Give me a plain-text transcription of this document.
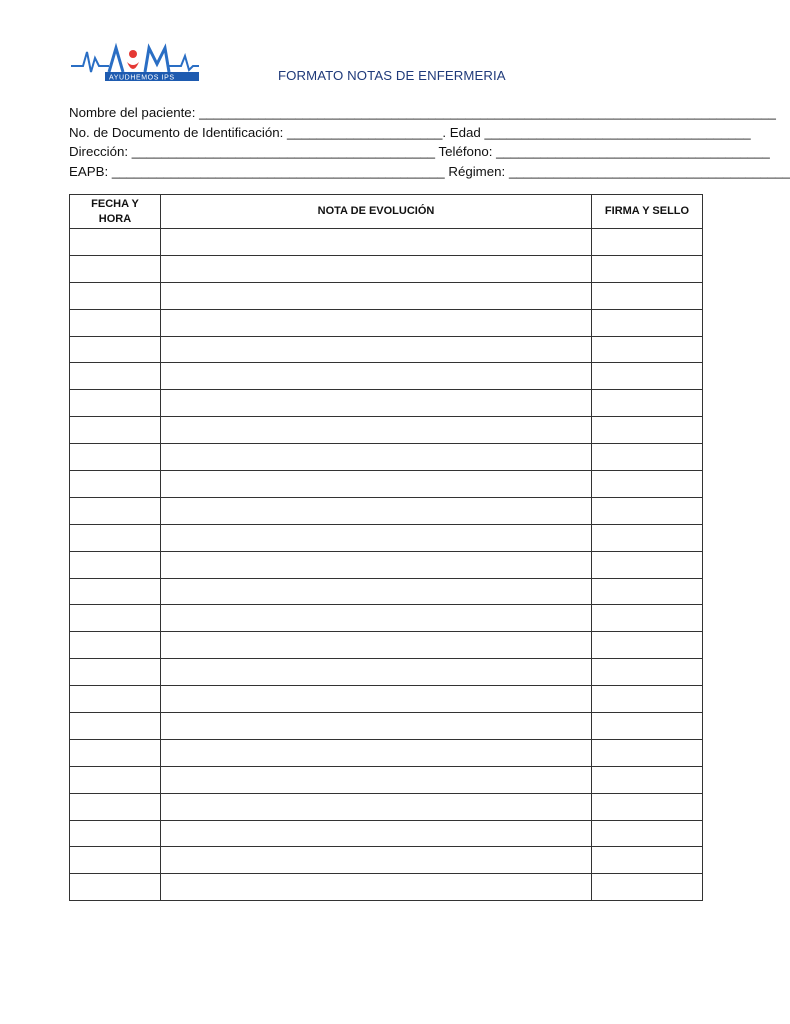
AYUDHEMOS IPS	FORMATO NOTAS DE ENFERMERIA
Nombre del paciente: ______________________________________________________________________________
No. de Documento de Identificación: _____________________. Edad ____________________________________
Dirección: _________________________________________ Teléfono: _____________________________________
EAPB: _____________________________________________ Régimen: ______________________________________
FECHA Y HORA	NOTA DE EVOLUCIÓN	FIRMA Y SELLO
